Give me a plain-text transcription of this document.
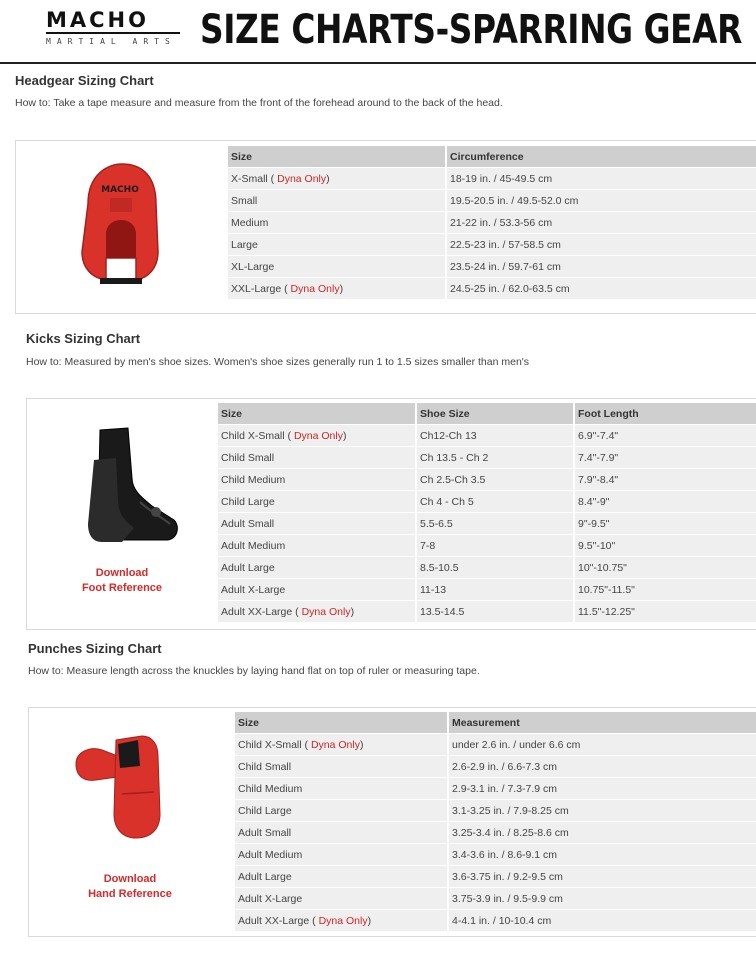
MACHO
MARTIAL ARTS SIZE CHARTS-SPARRING GEAR
Headgear Sizing Chart

How to: Take a tape measure and measure from the front of the forehead around to the back of the head.

MACHO
Size	Circumference
X-Small ( Dyna Only)	18-19 in. / 45-49.5 cm
Small	19.5-20.5 in. / 49.5-52.0 cm
Medium	21-22 in. / 53.3-56 cm
Large	22.5-23 in. / 57-58.5 cm
XL-Large	23.5-24 in. / 59.7-61 cm
XXL-Large ( Dyna Only)	24.5-25 in. / 62.0-63.5 cm
Kicks Sizing Chart

How to: Measured by men's shoe sizes. Women's shoe sizes generally run 1 to 1.5 sizes smaller than men's

Download
Foot Reference
Size	Shoe Size	Foot Length
Child X-Small ( Dyna Only)	Ch12-Ch 13	6.9"-7.4"
Child Small	Ch 13.5 - Ch 2	7.4"-7.9"
Child Medium	Ch 2.5-Ch 3.5	7.9"-8.4"
Child Large	Ch 4 - Ch 5	8.4"-9"
Adult Small	5.5-6.5	9"-9.5"
Adult Medium	7-8	9.5"-10"
Adult Large	8.5-10.5	10"-10.75"
Adult X-Large	11-13	10.75"-11.5"
Adult XX-Large ( Dyna Only)	13.5-14.5	11.5"-12.25"
Punches Sizing Chart

How to: Measure length across the knuckles by laying hand flat on top of ruler or measuring tape.

Download
Hand Reference
Size	Measurement
Child X-Small ( Dyna Only)	under 2.6 in. / under 6.6 cm
Child Small	2.6-2.9 in. / 6.6-7.3 cm
Child Medium	2.9-3.1 in. / 7.3-7.9 cm
Child Large	3.1-3.25 in. / 7.9-8.25 cm
Adult Small	3.25-3.4 in. / 8.25-8.6 cm
Adult Medium	3.4-3.6 in. / 8.6-9.1 cm
Adult Large	3.6-3.75 in. / 9.2-9.5 cm
Adult X-Large	3.75-3.9 in. / 9.5-9.9 cm
Adult XX-Large ( Dyna Only)	4-4.1 in. / 10-10.4 cm
